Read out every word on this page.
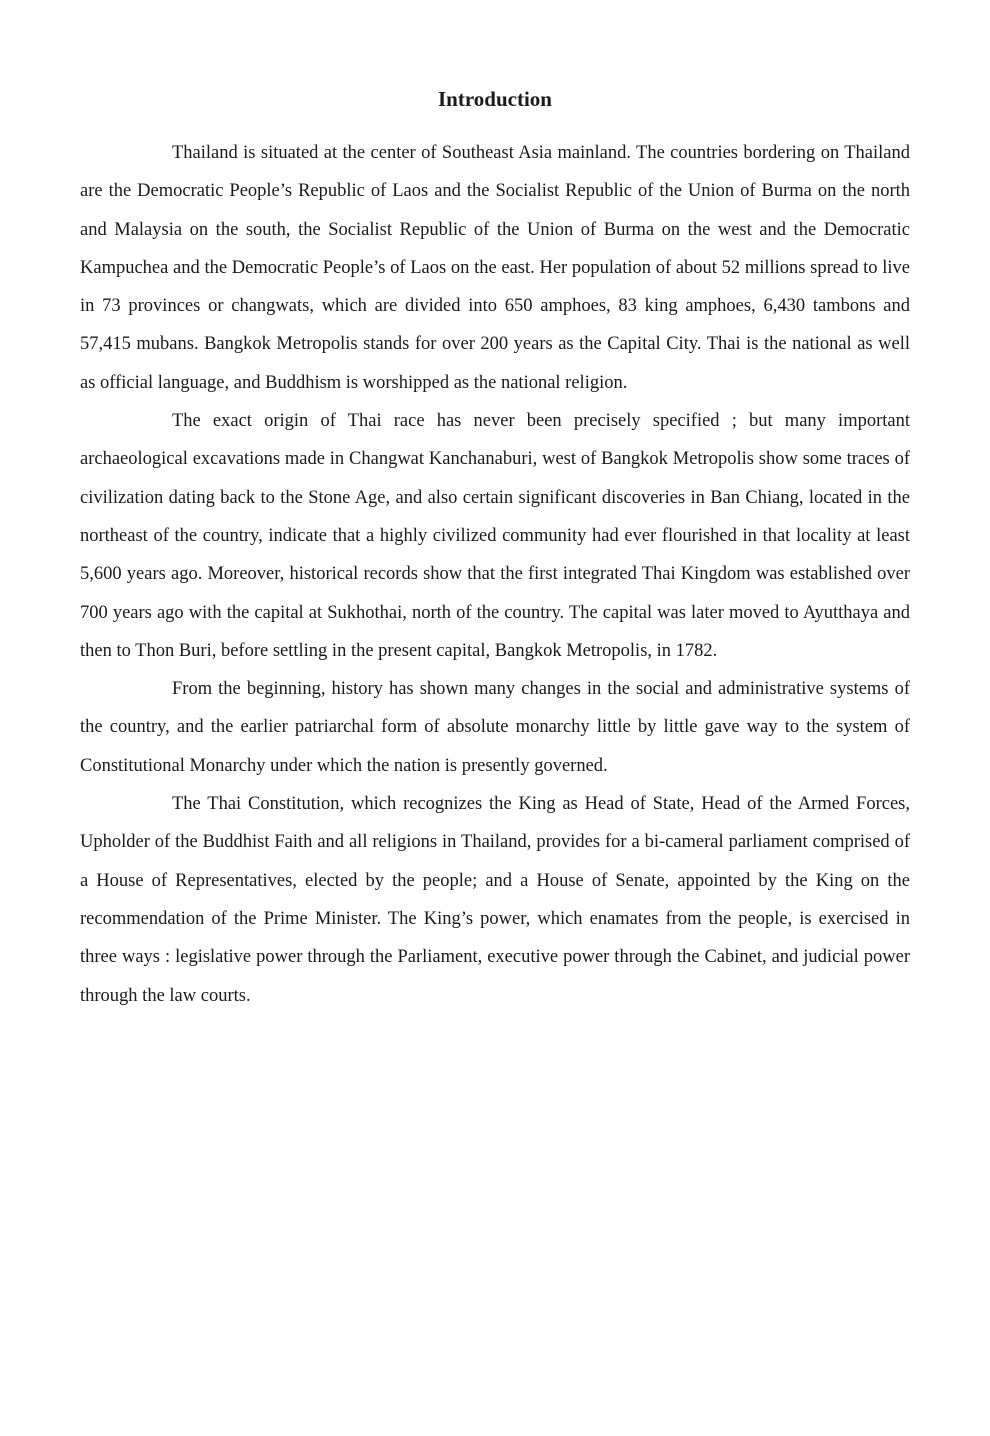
Introduction

Thailand is situated at the center of Southeast Asia mainland. The countries bordering on Thailand are the Democratic People’s Republic of Laos and the Socialist Republic of the Union of Burma on the north and Malaysia on the south, the Socialist Republic of the Union of Burma on the west and the Democratic Kampuchea and the Democratic People’s of Laos on the east. Her population of about 52 millions spread to live in 73 provinces or changwats, which are divided into 650 amphoes, 83 king amphoes, 6,430 tambons and 57,415 mubans. Bangkok Metropolis stands for over 200 years as the Capital City. Thai is the national as well as official language, and Buddhism is worshipped as the national religion.

The exact origin of Thai race has never been precisely specified ; but many important archaeological excavations made in Changwat Kanchanaburi, west of Bangkok Metropolis show some traces of civilization dating back to the Stone Age, and also certain significant discoveries in Ban Chiang, located in the northeast of the country, indicate that a highly civilized community had ever flourished in that locality at least 5,600 years ago. Moreover, historical records show that the first integrated Thai Kingdom was established over 700 years ago with the capital at Sukhothai, north of the country. The capital was later moved to Ayutthaya and then to Thon Buri, before settling in the present capital, Bangkok Metropolis, in 1782.

From the beginning, history has shown many changes in the social and administrative systems of the country, and the earlier patriarchal form of absolute monarchy little by little gave way to the system of Constitutional Monarchy under which the nation is presently governed.

The Thai Constitution, which recognizes the King as Head of State, Head of the Armed Forces, Upholder of the Buddhist Faith and all religions in Thailand, provides for a bi-cameral parliament comprised of a House of Representatives, elected by the people; and a House of Senate, appointed by the King on the recommendation of the Prime Minister. The King’s power, which enamates from the people, is exercised in three ways : legislative power through the Parliament, executive power through the Cabinet, and judicial power through the law courts.
